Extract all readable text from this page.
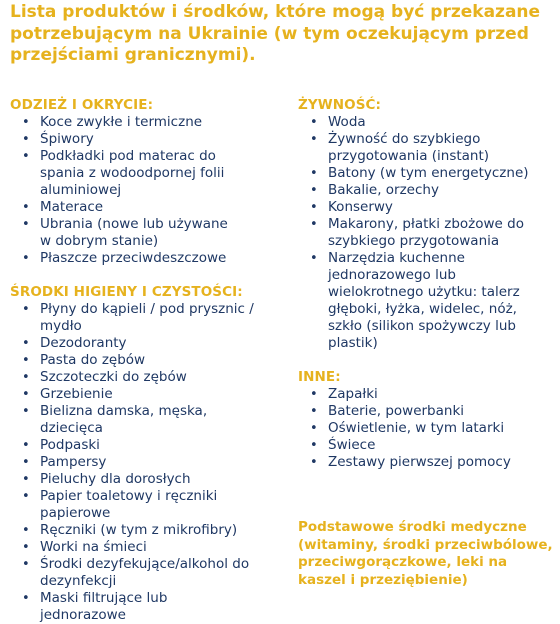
Lista produktów i środków, które mogą być przekazane potrzebującym na Ukrainie (w tym oczekującym przed przejściami granicznymi).
ODZIEŻ I OKRYCIE:
• Koce zwykłe i termiczne
• Śpiwory
• Podkładki pod materac do
spania z wodoodpornej folii
aluminiowej
• Materace
• Ubrania (nowe lub używane
w dobrym stanie)
• Płaszcze przeciwdeszczowe
ŚRODKI HIGIENY I CZYSTOŚCI:
• Płyny do kąpieli / pod prysznic /
mydło
• Dezodoranty
• Pasta do zębów
• Szczoteczki do zębów
• Grzebienie
• Bielizna damska, męska,
dziecięca
• Podpaski
• Pampersy
• Pieluchy dla dorosłych
• Papier toaletowy i ręczniki
papierowe
• Ręczniki (w tym z mikrofibry)
• Worki na śmieci
• Środki dezyfekujące/alkohol do
dezynfekcji
• Maski filtrujące lub
jednorazowe
ŻYWNOŚĆ:
• Woda
• Żywność do szybkiego
przygotowania (instant)
• Batony (w tym energetyczne)
• Bakalie, orzechy
• Konserwy
• Makarony, płatki zbożowe do
szybkiego przygotowania
• Narzędzia kuchenne
jednorazowego lub
wielokrotnego użytku: talerz
głęboki, łyżka, widelec, nóż,
szkło (silikon spożywczy lub
plastik)
INNE:
• Zapałki
• Baterie, powerbanki
• Oświetlenie, w tym latarki
• Świece
• Zestawy pierwszej pomocy

Podstawowe środki medyczne (witaminy, środki przeciwbólowe, przeciwgorączkowe, leki na kaszel i przeziębienie)
